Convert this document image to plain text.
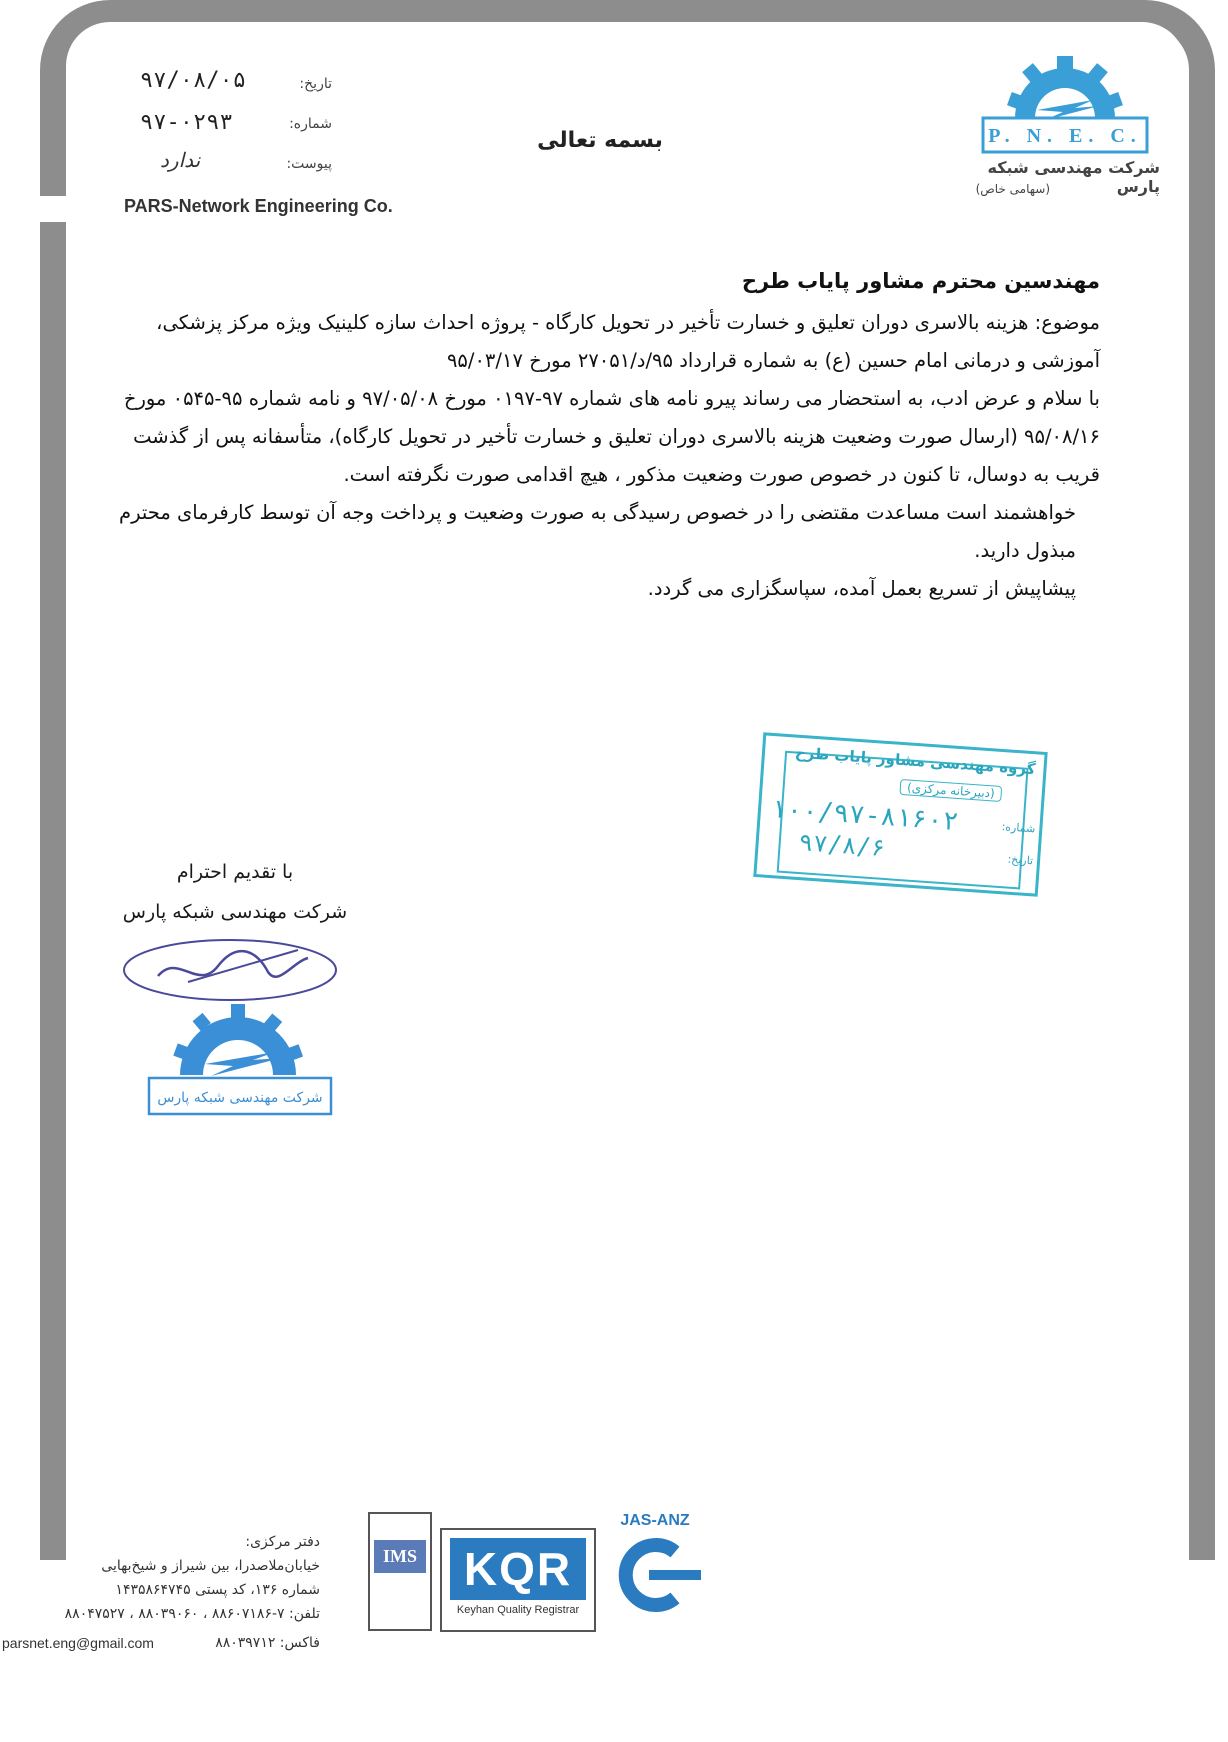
تاریخ:
۹۷/۰۸/۰۵
شماره:
۹۷-۰۲۹۳
پیوست:
ندارد
بسمه تعالی	P. N. E. C.
شرکت مهندسی شبکه پارس
(سهامی خاص)
PARS-Network Engineering Co.

مهندسین محترم مشاور پایاب طرح

موضوع: هزینه بالاسری دوران تعلیق و خسارت تأخیر در تحویل کارگاه - پروژه احداث سازه کلینیک ویژه مرکز پزشکی، آموزشی و درمانی امام حسین (ع) به شماره قرارداد ۹۵/د/۲۷۰۵۱ مورخ ۹۵/۰۳/۱۷

با سلام و عرض ادب، به استحضار می رساند پیرو نامه های شماره ۹۷-۰۱۹۷ مورخ ۹۷/۰۵/۰۸ و نامه شماره ۹۵-۰۵۴۵ مورخ ۹۵/۰۸/۱۶ (ارسال صورت وضعیت هزینه بالاسری دوران تعلیق و خسارت تأخیر در تحویل کارگاه)، متأسفانه پس از گذشت قریب به دوسال، تا کنون در خصوص صورت وضعیت مذکور ، هیچ اقدامی صورت نگرفته است.

خواهشمند است مساعدت مقتضی را در خصوص رسیدگی به صورت وضعیت و پرداخت وجه آن توسط کارفرمای محترم مبذول دارید.

پیشاپیش از تسریع بعمل آمده، سپاسگزاری می گردد.

گروه مهندسی مشاور پایاب طرح
(دبیرخانه مرکزی)
شماره:
۱۰۰/۹۷-۸۱۶۰۲
تاریخ:
۹۷/۸/۶
با تقدیم احترام
شرکت مهندسی شبکه پارس
شرکت مهندسی شبکه پارس
دفتر مرکزی:
خیابان‌ملاصدرا، بین شیراز و شیخ‌بهایی
شماره ۱۳۶، کد پستی ۱۴۳۵۸۶۴۷۴۵
تلفن: ۷-۸۸۶۰۷۱۸۶ ، ۸۸۰۳۹۰۶۰ ، ۸۸۰۴۷۵۲۷
parsnet.eng@gmail.com	فاکس: ۸۸۰۳۹۷۱۲
IMS	KQR
Keyhan Quality Registrar
JAS-ANZ
